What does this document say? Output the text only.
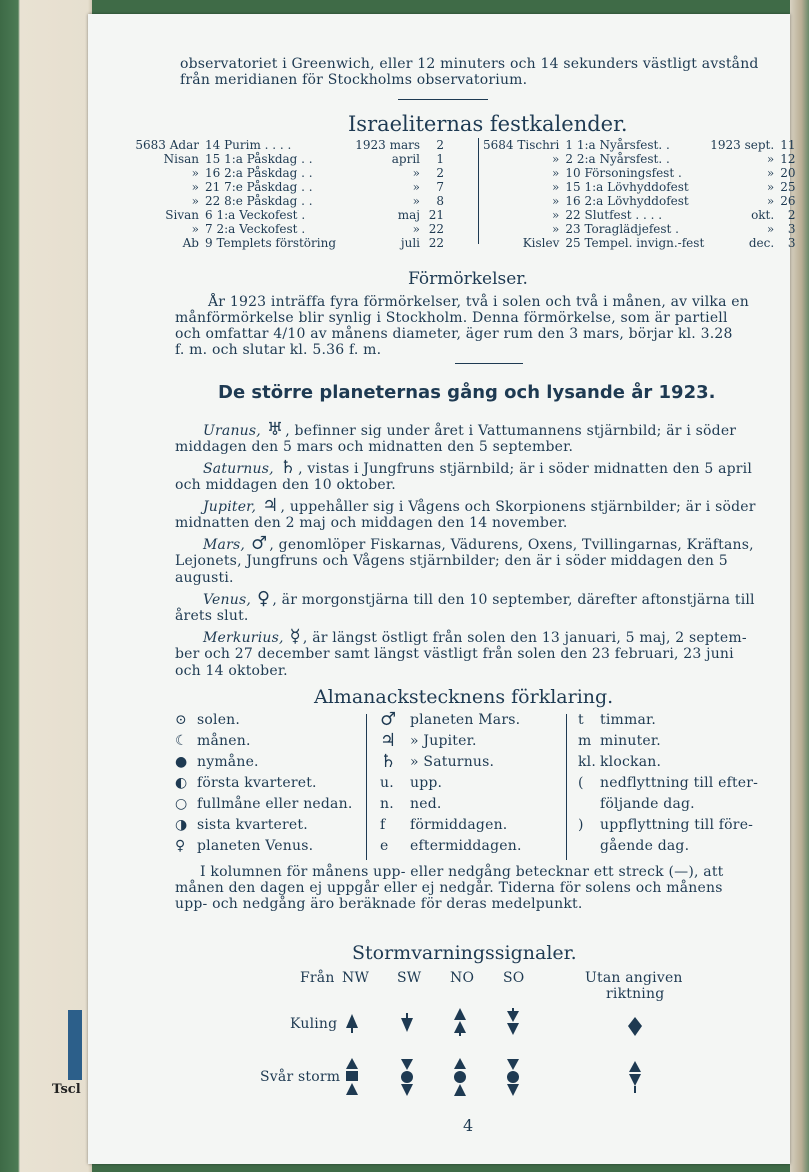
Tscl
observatoriet i Greenwich, eller 12 minuters och 14 sekunders västligt avstånd
från meridianen för Stockholms observatorium.
Israeliternas festkalender.
5683 Adar	14 Purim . . . .	1923 mars	2
Nisan	15 1:a Påskdag . .	april	1
»	16 2:a Påskdag . .	»	2
»	21 7:e Påskdag . .	»	7
»	22 8:e Påskdag . .	»	8
Sivan	6 1:a Veckofest .	maj	21
»	7 2:a Veckofest .	»	22
Ab	9 Templets förstöring	juli	22
5684 Tischri	1 1:a Nyårsfest. .	1923 sept.	11
»	2 2:a Nyårsfest. .	»	12
»	10 Försoningsfest .	»	20
»	15 1:a Lövhyddofest	»	25
»	16 2:a Lövhyddofest	»	26
»	22 Slutfest . . . .	okt.	2
»	23 Toraglädjefest .	»	3
Kislev	25 Tempel. invign.-fest	dec.	3
Förmörkelser.
År 1923 inträffa fyra förmörkelser, två i solen och två i månen, av vilka en
månförmörkelse blir synlig i Stockholm. Denna förmörkelse, som är partiell
och omfattar 4/10 av månens diameter, äger rum den 3 mars, börjar kl. 3.28
f. m. och slutar kl. 5.36 f. m.
De större planeternas gång och lysande år 1923.
Uranus, ♅ , befinner sig under året i Vattumannens stjärnbild; är i söder
middagen den 5 mars och midnatten den 5 september.
Saturnus, ♄ , vistas i Jungfruns stjärnbild; är i söder midnatten den 5 april
och middagen den 10 oktober.
Jupiter, ♃ , uppehåller sig i Vågens och Skorpionens stjärnbilder; är i söder
midnatten den 2 maj och middagen den 14 november.
Mars, ♂ , genomlöper Fiskarnas, Vädurens, Oxens, Tvillingarnas, Kräftans,
Lejonets, Jungfruns och Vågens stjärnbilder; den är i söder middagen den 5
augusti.
Venus, ♀ , är morgonstjärna till den 10 september, därefter aftonstjärna till
årets slut.
Merkurius, ☿ , är längst östligt från solen den 13 januari, 5 maj, 2 septem-
ber och 27 december samt längst västligt från solen den 23 februari, 23 juni
och 14 oktober.
Almanackstecknens förklaring.
⊙ solen.
☾ månen.
● nymåne.
◐ första kvarteret.
○ fullmåne eller nedan.
◑ sista kvarteret.
♀ planeten Venus.
♂ planeten Mars.
♃ » Jupiter.
♄ » Saturnus.
u. upp.
n. ned.
f förmiddagen.
e eftermiddagen.
t timmar.
m minuter.
kl. klockan.
( nedflyttning till efter-
följande dag.
) uppflyttning till före-
gående dag.
I kolumnen för månens upp- eller nedgång betecknar ett streck (—), att
månen den dagen ej uppgår eller ej nedgår. Tiderna för solens och månens
upp- och nedgång äro beräknade för deras medelpunkt.
Stormvarningssignaler.
Från NW SW NO SO	Utan angiven
riktning
Kuling
Svår storm
4
